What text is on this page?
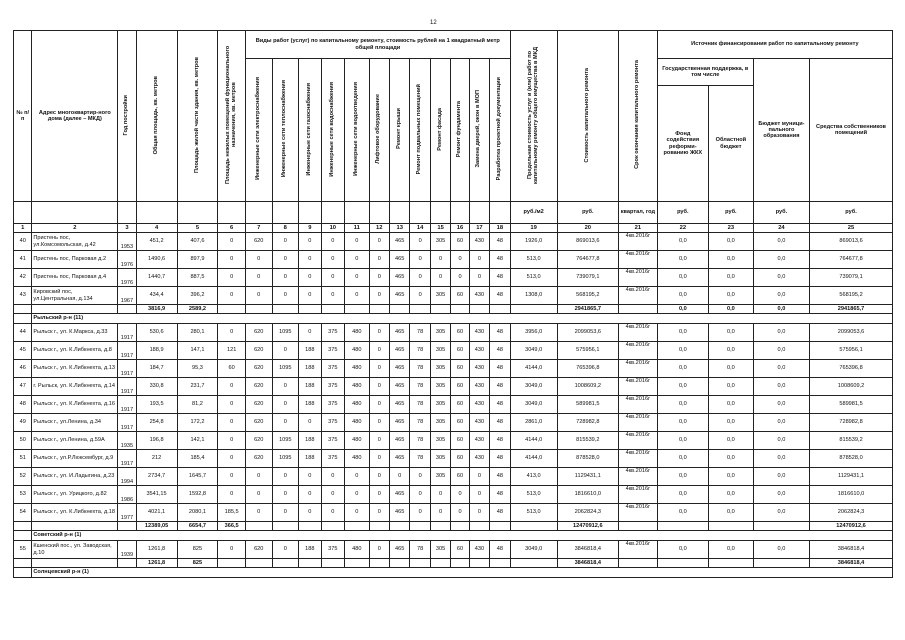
12
№ п/п	Адрес многоквартир-ного дома (далее – МКД)	Год постройки	Общая площадь, кв. метров	Площадь жилой части здания, кв. метров	Площадь нежилых помещений функционального назначения, кв. метров	Виды работ (услуг) по капитальному ремонту, стоимость рублей на 1 квадратный метр общей площади												Предельная стоимость услуг и (или) работ по капитальному ремонту общего имущества в МКД	Стоимость капитального ремонта	Срок окончания капитального ремонта	Источник финансирования работ по капитальному ремонту			
						Инженерные сети электроснабжения	Инженерные сети теплоснабжения	Инженерные сети газоснабжения	Инженерные сети водоснабжения	Инженерные сети водоотведения	Лифтовое оборудование	Ремонт крыши	Ремонт подвальных помещений	Ремонт фасада	Ремонт фундамента	Замена дверей, окон в МОП	Разработка проектной документации				Государственная поддержка, в том числе		Бюджет муници-пального образования	Средства собственников помещений
																					Фонд содействия реформи-рованию ЖКХ	Областной бюджет		
																		руб./м2	руб.	квартал, год	руб.	руб.	руб.	руб.
1	2	3	4	5	6	7	8	9	10	11	12	13	14	15	16	17	18	19	20	21	22	23	24	25
40	Пристень пос, ул.Комсомольская, д.42	1953	451,2	407,6	0	620	0	0	0	0	0	465	0	305	60	430	48	1926,0	869013,6	4кв.2016г	0,0	0,0	0,0	869013,6
41	Пристень пос, Парковая д.2	1976	1490,6	897,9	0	0	0	0	0	0	0	465	0	0	0	0	48	513,0	764677,8	4кв.2016г	0,0	0,0	0,0	764677,8
42	Пристень пос, Парковая д.4	1976	1440,7	887,5	0	0	0	0	0	0	0	465	0	0	0	0	48	513,0	739079,1	4кв.2016г	0,0	0,0	0,0	739079,1
43	Кировский пос, ул.Центральная, д.134	1967	434,4	396,2	0	0	0	0	0	0	0	465	0	305	60	430	48	1308,0	568195,2	4кв.2016г	0,0	0,0	0,0	568195,2
			3816,9	2589,2															2941865,7		0,0	0,0	0,0	2941865,7
	Рыльский р-н (11)																							
44	Рыльск г., ул. К.Маркса, д.33	1917	530,6	280,1	0	620	1095	0	375	480	0	465	78	305	60	430	48	3956,0	2099053,6	4кв.2016г	0,0	0,0	0,0	2099053,6
45	Рыльск г., ул. К.Либкнехта, д.8	1917	188,9	147,1	121	620	0	188	375	480	0	465	78	305	60	430	48	3049,0	575956,1	4кв.2016г	0,0	0,0	0,0	575956,1
46	Рыльск г., ул. К.Либкнехта, д.13	1917	184,7	95,3	60	620	1095	188	375	480	0	465	78	305	60	430	48	4144,0	765396,8	4кв.2016г	0,0	0,0	0,0	765396,8
47	г. Рыльск, ул. К.Либкнехта, д.14	1917	330,8	231,7	0	620	0	188	375	480	0	465	78	305	60	430	48	3049,0	1008609,2	4кв.2016г	0,0	0,0	0,0	1008609,2
48	Рыльск г., ул. К.Либкнехта, д.16	1917	193,5	81,2	0	620	0	188	375	480	0	465	78	305	60	430	48	3049,0	589981,5	4кв.2016г	0,0	0,0	0,0	589981,5
49	Рыльск г., ул.Ленина, д.34	1917	254,8	172,2	0	620	0	0	375	480	0	465	78	305	60	430	48	2861,0	728982,8	4кв.2016г	0,0	0,0	0,0	728982,8
50	Рыльск г., ул.Ленина, д.59А	1935	196,8	142,1	0	620	1095	188	375	480	0	465	78	305	60	430	48	4144,0	815539,2	4кв.2016г	0,0	0,0	0,0	815539,2
51	Рыльск г., ул.Р.Люксембург, д.9	1917	212	185,4	0	620	1095	188	375	480	0	465	78	305	60	430	48	4144,0	878528,0	4кв.2016г	0,0	0,0	0,0	878528,0
52	Рыльск г., ул. И.Ладыгина, д.23	1994	2734,7	1645,7	0	0	0	0	0	0	0	0	0	305	60	0	48	413,0	1129431,1	4кв.2016г	0,0	0,0	0,0	1129431,1
53	Рыльск г., ул. Урицкого, д.82	1986	3541,15	1592,8	0	0	0	0	0	0	0	465	0	0	0	0	48	513,0	1816610,0	4кв.2016г	0,0	0,0	0,0	1816610,0
54	Рыльск г., ул. К.Либкнехта, д.18	1977	4021,1	2080,1	185,5	0	0	0	0	0	0	465	0	0	0	0	48	513,0	2062824,3	4кв.2016г	0,0	0,0	0,0	2062824,3
			12389,05	6654,7	366,5														12470912,6					12470912,6
	Советский р-н (1)																							
55	Кшенский пос., ул. Заводская, д.10	1939	1261,8	825	0	620	0	188	375	480	0	465	78	305	60	430	48	3049,0	3846818,4	4кв.2016г	0,0	0,0	0,0	3846818,4
			1261,8	825															3846818,4					3846818,4
	Солнцевский р-н (1)																							
